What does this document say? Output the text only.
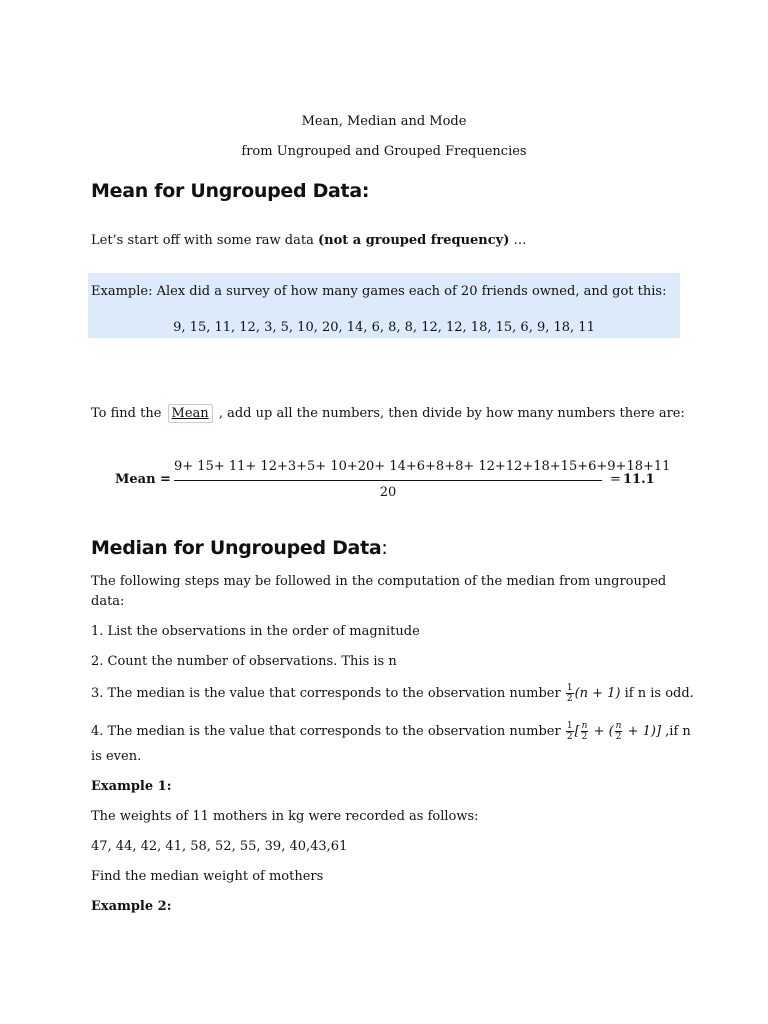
Mean, Median and Mode
from Ungrouped and Grouped Frequencies
Mean for Ungrouped Data:
Let’s start off with some raw data (not a grouped frequency) …
Example: Alex did a survey of how many games each of 20 friends owned, and got this:
9, 15, 11, 12, 3, 5, 10, 20, 14, 6, 8, 8, 12, 12, 18, 15, 6, 9, 18, 11
To find the Mean , add up all the numbers, then divide by how many numbers there are:
Mean =
9+ 15+ 11+ 12+3+5+ 10+20+ 14+6+8+8+ 12+12+18+15+6+9+18+11
20
= 11.1
Median for Ungrouped Data:
The following steps may be followed in the computation of the median from ungrouped
data:
1. List the observations in the order of magnitude
2. Count the number of observations. This is n
3. The median is the value that corresponds to the observation number $\frac{1}{2} (n + 1)$ if n is odd.
4. The median is the value that corresponds to the observation number $\frac{1}{2}$ [ $\frac{n}{2}$ + ( $\frac{n}{2} + 1$)] ,if n
is even.
Example 1:
The weights of 11 mothers in kg were recorded as follows:
47, 44, 42, 41, 58, 52, 55, 39, 40,43,61
Find the median weight of mothers
Example 2:
